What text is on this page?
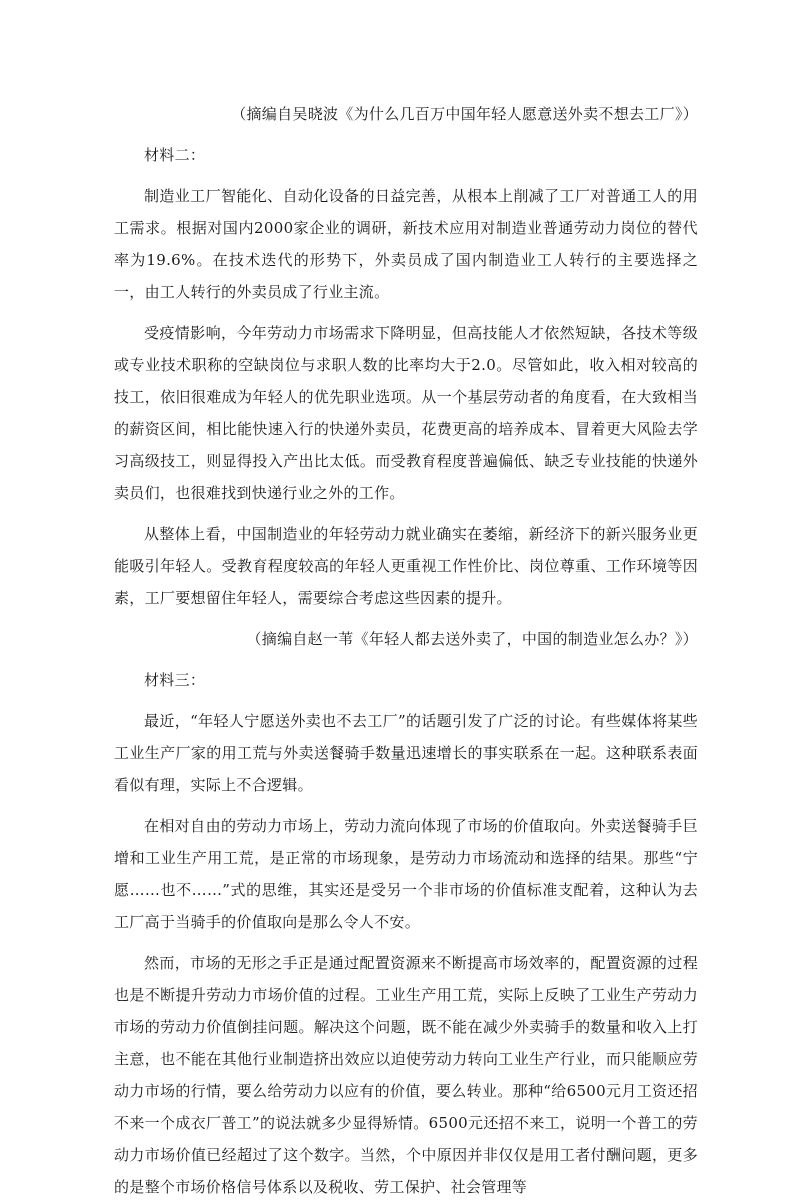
（摘编自吴晓波《为什么几百万中国年轻人愿意送外卖不想去工厂》）

材料二：

制造业工厂智能化、自动化设备的日益完善，从根本上削减了工厂对普通工人的用工需求。根据对国内2000家企业的调研，新技术应用对制造业普通劳动力岗位的替代率为19.6%。在技术迭代的形势下，外卖员成了国内制造业工人转行的主要选择之一，由工人转行的外卖员成了行业主流。

受疫情影响，今年劳动力市场需求下降明显，但高技能人才依然短缺，各技术等级或专业技术职称的空缺岗位与求职人数的比率均大于2.0。尽管如此，收入相对较高的技工，依旧很难成为年轻人的优先职业选项。从一个基层劳动者的角度看，在大致相当的薪资区间，相比能快速入行的快递外卖员，花费更高的培养成本、冒着更大风险去学习高级技工，则显得投入产出比太低。而受教育程度普遍偏低、缺乏专业技能的快递外卖员们，也很难找到快递行业之外的工作。

从整体上看，中国制造业的年轻劳动力就业确实在萎缩，新经济下的新兴服务业更能吸引年轻人。受教育程度较高的年轻人更重视工作性价比、岗位尊重、工作环境等因素，工厂要想留住年轻人，需要综合考虑这些因素的提升。

（摘编自赵一苇《年轻人都去送外卖了，中国的制造业怎么办？》）

材料三：

最近，“年轻人宁愿送外卖也不去工厂”的话题引发了广泛的讨论。有些媒体将某些工业生产厂家的用工荒与外卖送餐骑手数量迅速增长的事实联系在一起。这种联系表面看似有理，实际上不合逻辑。

在相对自由的劳动力市场上，劳动力流向体现了市场的价值取向。外卖送餐骑手巨增和工业生产用工荒，是正常的市场现象，是劳动力市场流动和选择的结果。那些“宁愿……也不……”式的思维，其实还是受另一个非市场的价值标准支配着，这种认为去工厂高于当骑手的价值取向是那么令人不安。

然而，市场的无形之手正是通过配置资源来不断提高市场效率的，配置资源的过程也是不断提升劳动力市场价值的过程。工业生产用工荒，实际上反映了工业生产劳动力市场的劳动力价值倒挂问题。解决这个问题，既不能在减少外卖骑手的数量和收入上打主意，也不能在其他行业制造挤出效应以迫使劳动力转向工业生产行业，而只能顺应劳动力市场的行情，要么给劳动力以应有的价值，要么转业。那种“给6500元月工资还招不来一个成衣厂普工”的说法就多少显得矫情。6500元还招不来工，说明一个普工的劳动力市场价值已经超过了这个数字。当然，个中原因并非仅仅是用工者付酬问题，更多的是整个市场价格信号体系以及税收、劳工保护、社会管理等
